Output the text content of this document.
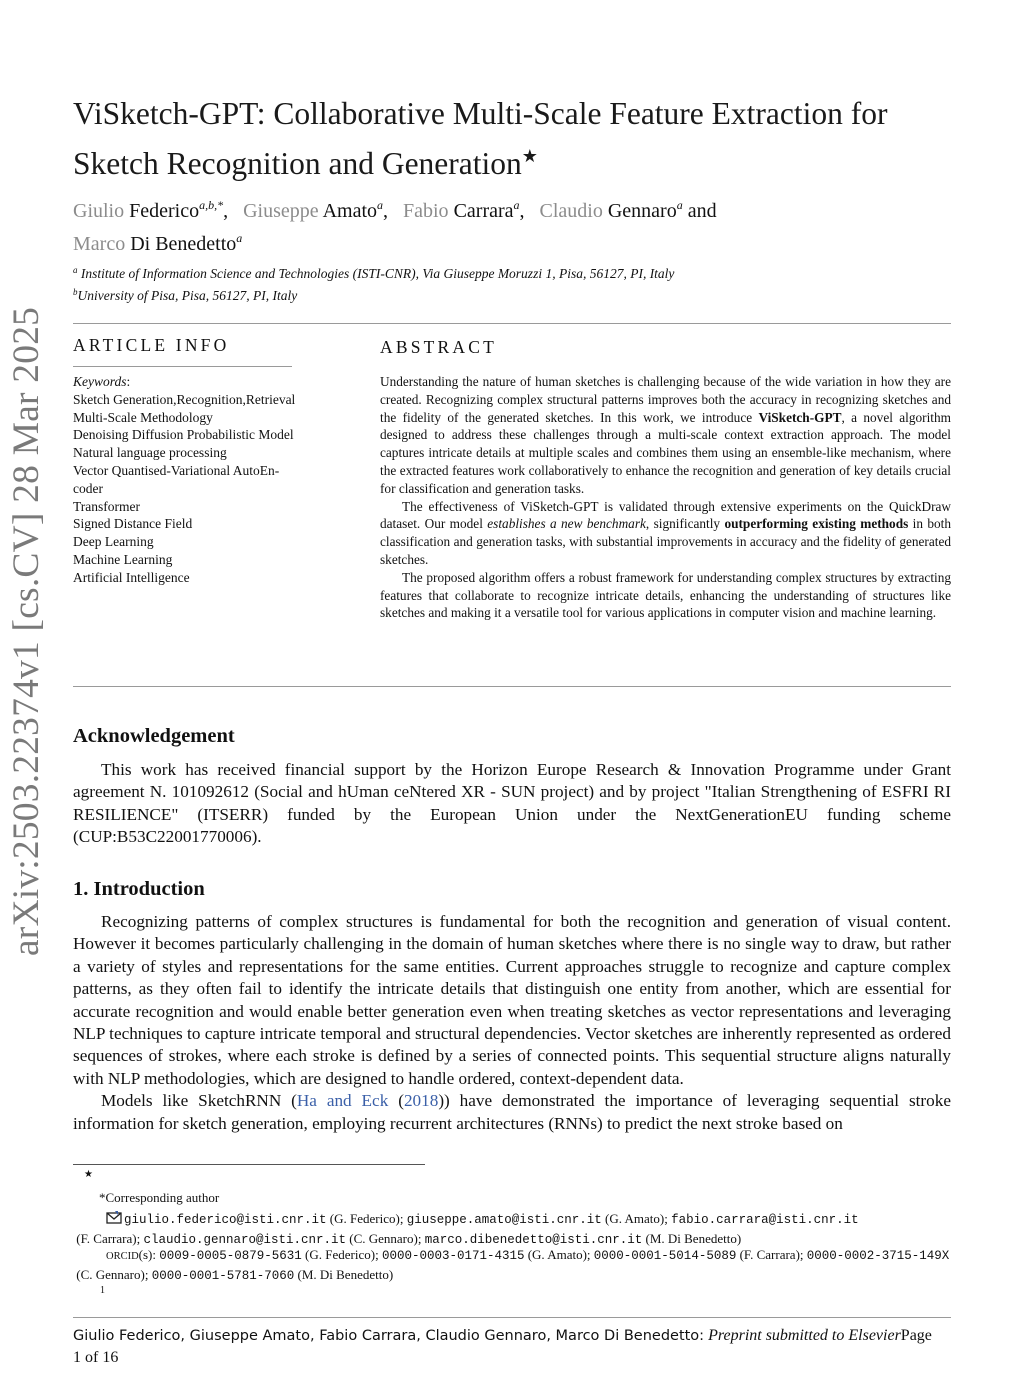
arXiv:2503.22374v1 [cs.CV] 28 Mar 2025
ViSketch-GPT: Collaborative Multi-Scale Feature Extraction for
Sketch Recognition and Generation★
Giulio Federico$^{a,b,*}$,   Giuseppe Amato$^a$,   Fabio Carrara$^a$,   Claudio Gennaro$^a$ and
Marco Di Benedetto$^a$
$^a$ Institute of Information Science and Technologies (ISTI-CNR), Via Giuseppe Moruzzi 1, Pisa, 56127, PI, Italy
$^b$University of Pisa, Pisa, 56127, PI, Italy
ARTICLE INFO
Keywords:
Sketch Generation,Recognition,Retrieval
Multi-Scale Methodology
Denoising Diffusion Probabilistic Model
Natural language processing
Vector Quantised-Variational AutoEn-
coder
Transformer
Signed Distance Field
Deep Learning
Machine Learning
Artificial Intelligence
ABSTRACT

Understanding the nature of human sketches is challenging because of the wide variation in how they are created. Recognizing complex structural patterns improves both the accuracy in recognizing sketches and the fidelity of the generated sketches. In this work, we introduce ViSketch-GPT, a novel algorithm designed to address these challenges through a multi-scale context extraction approach. The model captures intricate details at multiple scales and combines them using an ensemble-like mechanism, where the extracted features work collaboratively to enhance the recognition and generation of key details crucial for classification and generation tasks.

The effectiveness of ViSketch-GPT is validated through extensive experiments on the QuickDraw dataset. Our model establishes a new benchmark, significantly outperforming existing methods in both classification and generation tasks, with substantial improvements in accuracy and the fidelity of generated sketches.

The proposed algorithm offers a robust framework for understanding complex structures by extracting features that collaborate to recognize intricate details, enhancing the understanding of structures like sketches and making it a versatile tool for various applications in computer vision and machine learning.

Acknowledgement

This work has received financial support by the Horizon Europe Research & Innovation Programme under Grant agreement N. 101092612 (Social and hUman ceNtered XR - SUN project) and by project "Italian Strengthening of ESFRI RI RESILIENCE" (ITSERR) funded by the European Union under the NextGenerationEU funding scheme (CUP:B53C22001770006).

1. Introduction

Recognizing patterns of complex structures is fundamental for both the recognition and generation of visual content. However it becomes particularly challenging in the domain of human sketches where there is no single way to draw, but rather a variety of styles and representations for the same entities. Current approaches struggle to recognize and capture complex patterns, as they often fail to identify the intricate details that distinguish one entity from another, which are essential for accurate recognition and would enable better generation even when treating sketches as vector representations and leveraging NLP techniques to capture intricate temporal and structural dependencies. Vector sketches are inherently represented as ordered sequences of strokes, where each stroke is defined by a series of connected points. This sequential structure aligns naturally with NLP methodologies, which are designed to handle ordered, context-dependent data.

Models like SketchRNN (Ha and Eck (2018)) have demonstrated the importance of leveraging sequential stroke information for sketch generation, employing recurrent architectures (RNNs) to predict the next stroke based on

★
*Corresponding author
giulio.federico@isti.cnr.it (G. Federico); giuseppe.amato@isti.cnr.it (G. Amato); fabio.carrara@isti.cnr.it (F. Carrara); claudio.gennaro@isti.cnr.it (C. Gennaro); marco.dibenedetto@isti.cnr.it (M. Di Benedetto)
ORCID(s): 0009-0005-0879-5631 (G. Federico); 0000-0003-0171-4315 (G. Amato); 0000-0001-5014-5089 (F. Carrara); 0000-0002-3715-149X (C. Gennaro); 0000-0001-5781-7060 (M. Di Benedetto)
1
Giulio Federico, Giuseppe Amato, Fabio Carrara, Claudio Gennaro, Marco Di Benedetto: Preprint submitted to ElsevierPage
1 of 16
